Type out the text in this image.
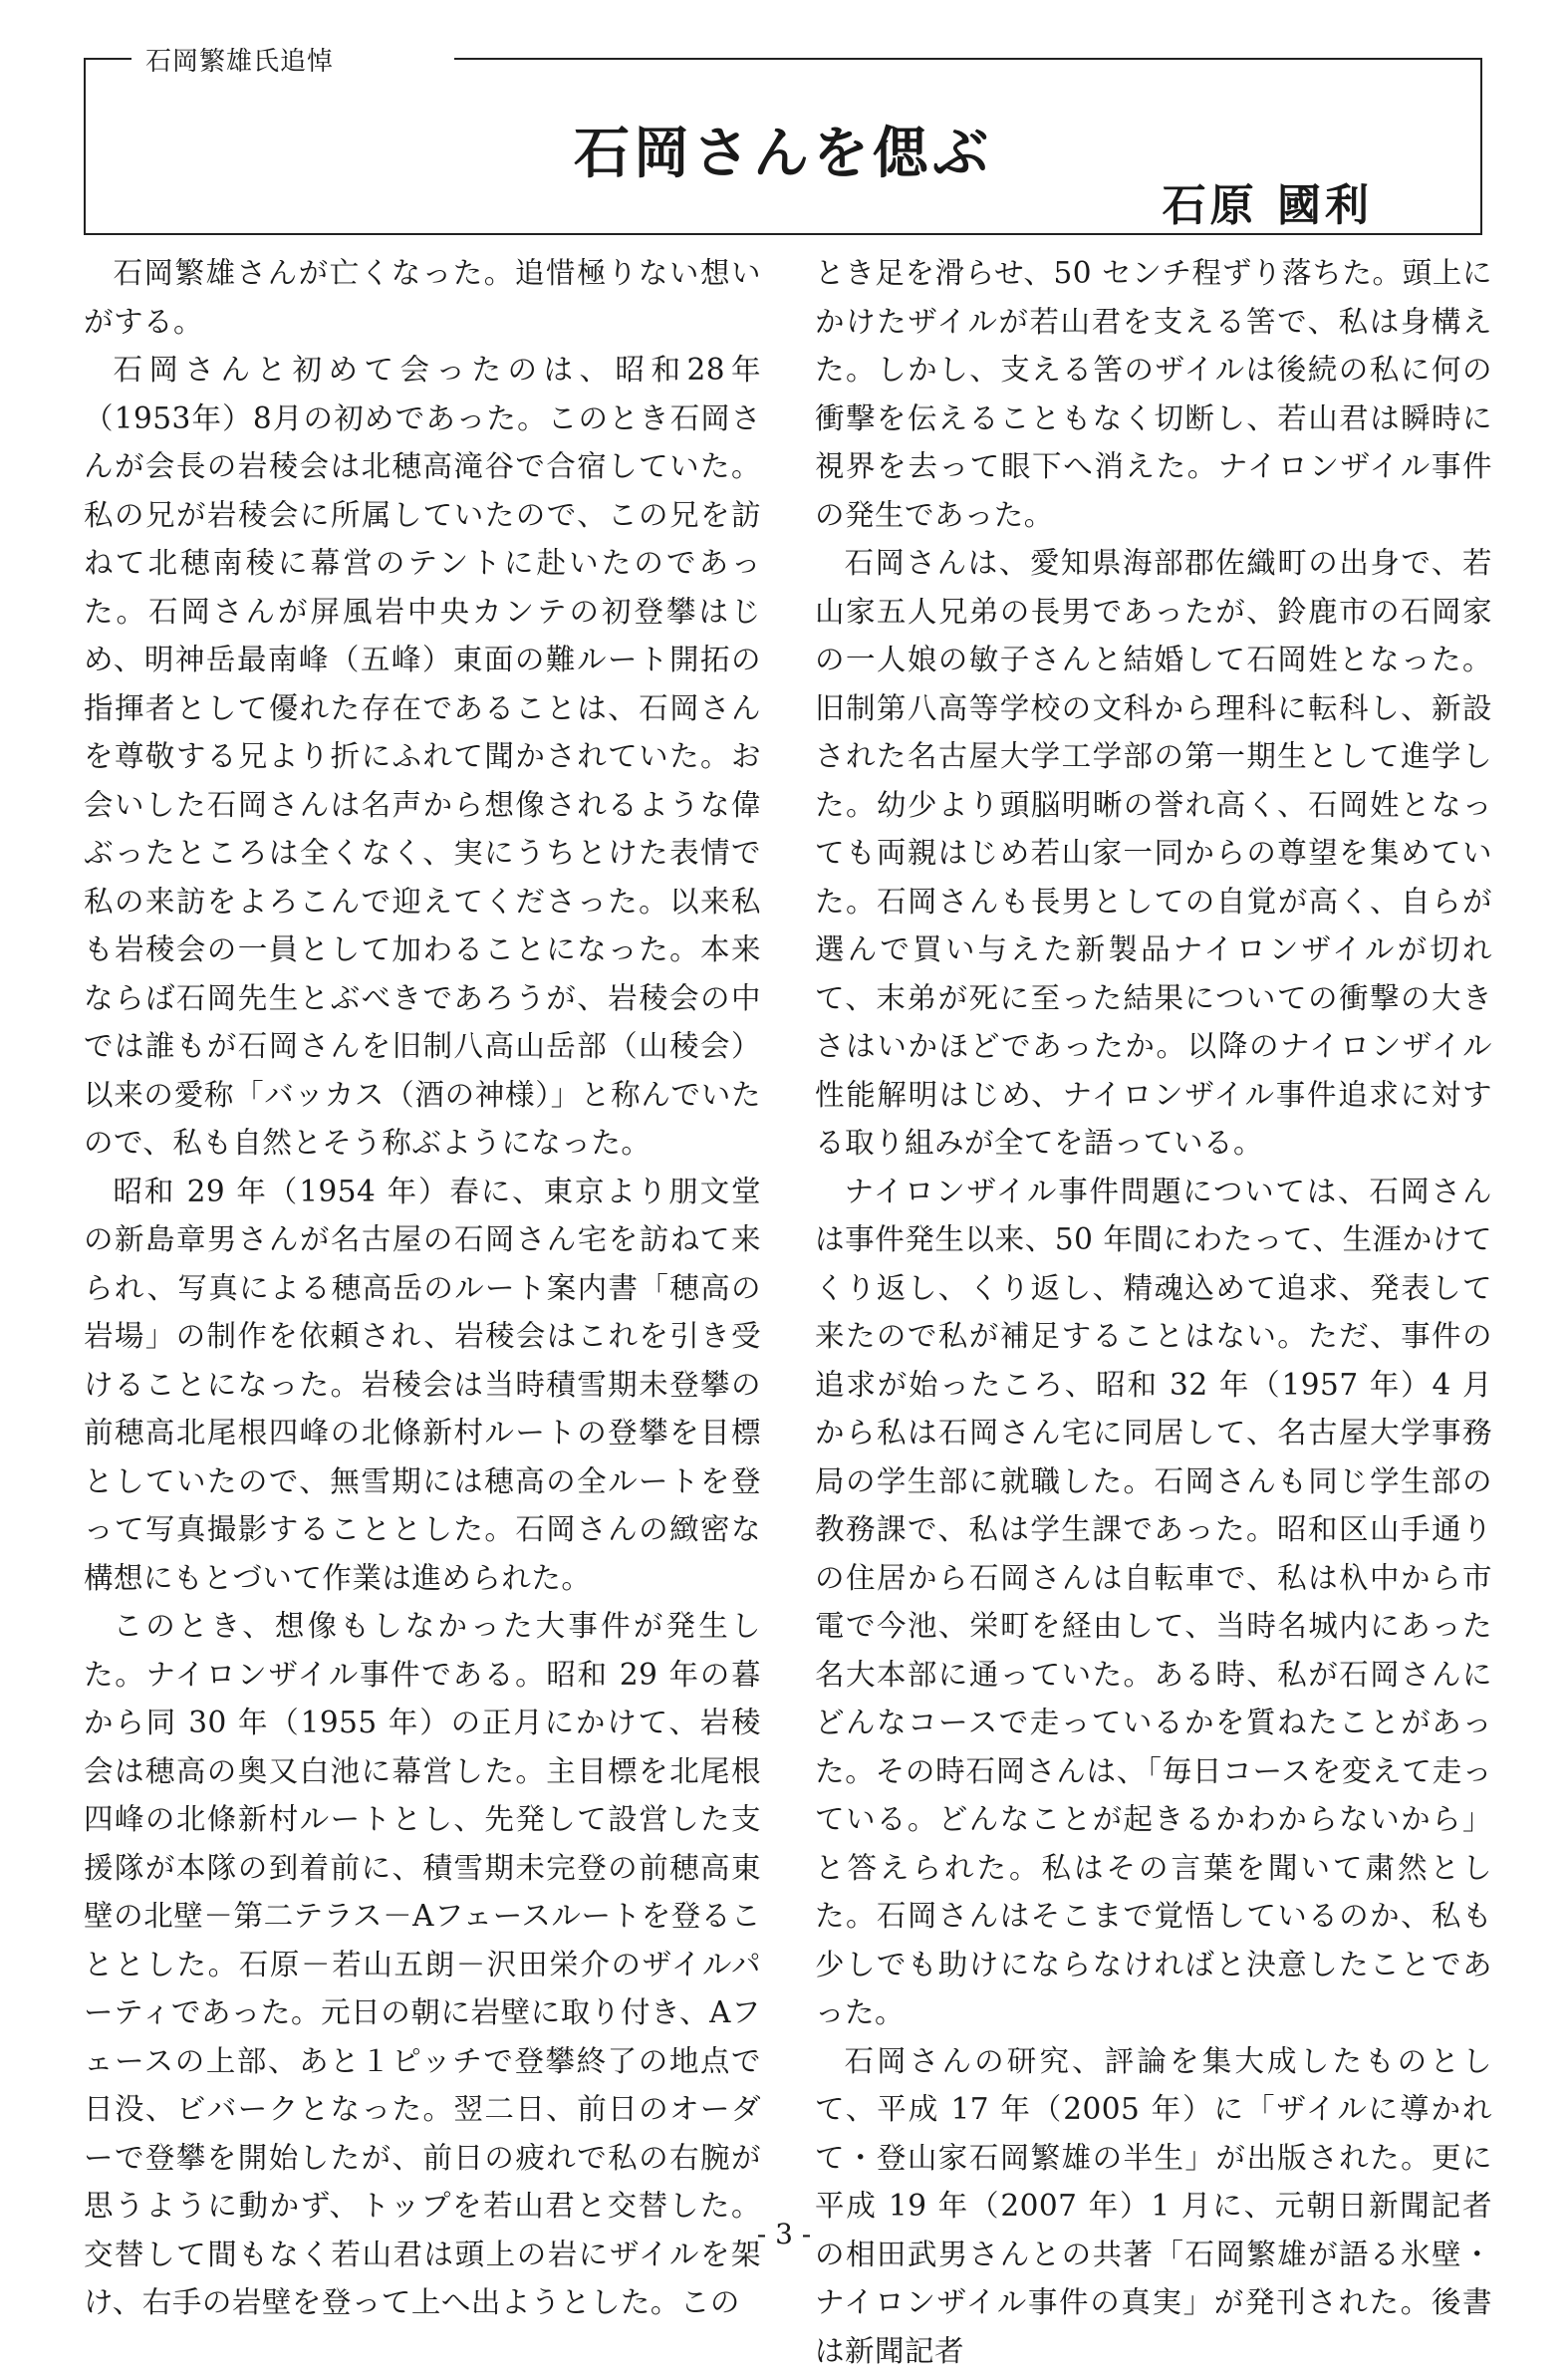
石岡繁雄氏追悼
石岡さんを偲ぶ
石原 國利

石岡繁雄さんが亡くなった。追惜極りない想いがする。

石岡さんと初めて会ったのは、昭和28年（1953年）8月の初めであった。このとき石岡さんが会長の岩稜会は北穂高滝谷で合宿していた。私の兄が岩稜会に所属していたので、この兄を訪ねて北穂南稜に幕営のテントに赴いたのであった。石岡さんが屏風岩中央カンテの初登攀はじめ、明神岳最南峰（五峰）東面の難ルート開拓の指揮者として優れた存在であることは、石岡さんを尊敬する兄より折にふれて聞かされていた。お会いした石岡さんは名声から想像されるような偉ぶったところは全くなく、実にうちとけた表情で私の来訪をよろこんで迎えてくださった。以来私も岩稜会の一員として加わることになった。本来ならば石岡先生とぶべきであろうが、岩稜会の中では誰もが石岡さんを旧制八高山岳部（山稜会）以来の愛称「バッカス（酒の神様）」と称んでいたので、私も自然とそう称ぶようになった。

昭和 29 年（1954 年）春に、東京より朋文堂の新島章男さんが名古屋の石岡さん宅を訪ねて来られ、写真による穂高岳のルート案内書「穂高の岩場」の制作を依頼され、岩稜会はこれを引き受けることになった。岩稜会は当時積雪期未登攀の前穂高北尾根四峰の北條新村ルートの登攀を目標としていたので、無雪期には穂高の全ルートを登って写真撮影することとした。石岡さんの緻密な構想にもとづいて作業は進められた。

このとき、想像もしなかった大事件が発生した。ナイロンザイル事件である。昭和 29 年の暮から同 30 年（1955 年）の正月にかけて、岩稜会は穂高の奥又白池に幕営した。主目標を北尾根四峰の北條新村ルートとし、先発して設営した支援隊が本隊の到着前に、積雪期未完登の前穂高東壁の北壁－第二テラス－Aフェースルートを登ることとした。石原－若山五朗－沢田栄介のザイルパーティであった。元日の朝に岩壁に取り付き、Aフェースの上部、あと１ピッチで登攀終了の地点で日没、ビバークとなった。翌二日、前日のオーダーで登攀を開始したが、前日の疲れで私の右腕が思うように動かず、トップを若山君と交替した。交替して間もなく若山君は頭上の岩にザイルを架け、右手の岩壁を登って上へ出ようとした。この

とき足を滑らせ、50 センチ程ずり落ちた。頭上にかけたザイルが若山君を支える筈で、私は身構えた。しかし、支える筈のザイルは後続の私に何の衝撃を伝えることもなく切断し、若山君は瞬時に視界を去って眼下へ消えた。ナイロンザイル事件の発生であった。

石岡さんは、愛知県海部郡佐織町の出身で、若山家五人兄弟の長男であったが、鈴鹿市の石岡家の一人娘の敏子さんと結婚して石岡姓となった。旧制第八高等学校の文科から理科に転科し、新設された名古屋大学工学部の第一期生として進学した。幼少より頭脳明晰の誉れ高く、石岡姓となっても両親はじめ若山家一同からの尊望を集めていた。石岡さんも長男としての自覚が高く、自らが選んで買い与えた新製品ナイロンザイルが切れて、末弟が死に至った結果についての衝撃の大きさはいかほどであったか。以降のナイロンザイル性能解明はじめ、ナイロンザイル事件追求に対する取り組みが全てを語っている。

ナイロンザイル事件問題については、石岡さんは事件発生以来、50 年間にわたって、生涯かけてくり返し、くり返し、精魂込めて追求、発表して来たので私が補足することはない。ただ、事件の追求が始ったころ、昭和 32 年（1957 年）4 月から私は石岡さん宅に同居して、名古屋大学事務局の学生部に就職した。石岡さんも同じ学生部の教務課で、私は学生課であった。昭和区山手通りの住居から石岡さんは自転車で、私は杁中から市電で今池、栄町を経由して、当時名城内にあった名大本部に通っていた。ある時、私が石岡さんにどんなコースで走っているかを質ねたことがあった。その時石岡さんは、「毎日コースを変えて走っている。どんなことが起きるかわからないから」と答えられた。私はその言葉を聞いて粛然とした。石岡さんはそこまで覚悟しているのか、私も少しでも助けにならなければと決意したことであった。

石岡さんの研究、評論を集大成したものとして、平成 17 年（2005 年）に「ザイルに導かれて・登山家石岡繁雄の半生」が出版された。更に平成 19 年（2007 年）1 月に、元朝日新聞記者の相田武男さんとの共著「石岡繁雄が語る氷壁・ナイロンザイル事件の真実」が発刊された。後書は新聞記者

- 3 -
